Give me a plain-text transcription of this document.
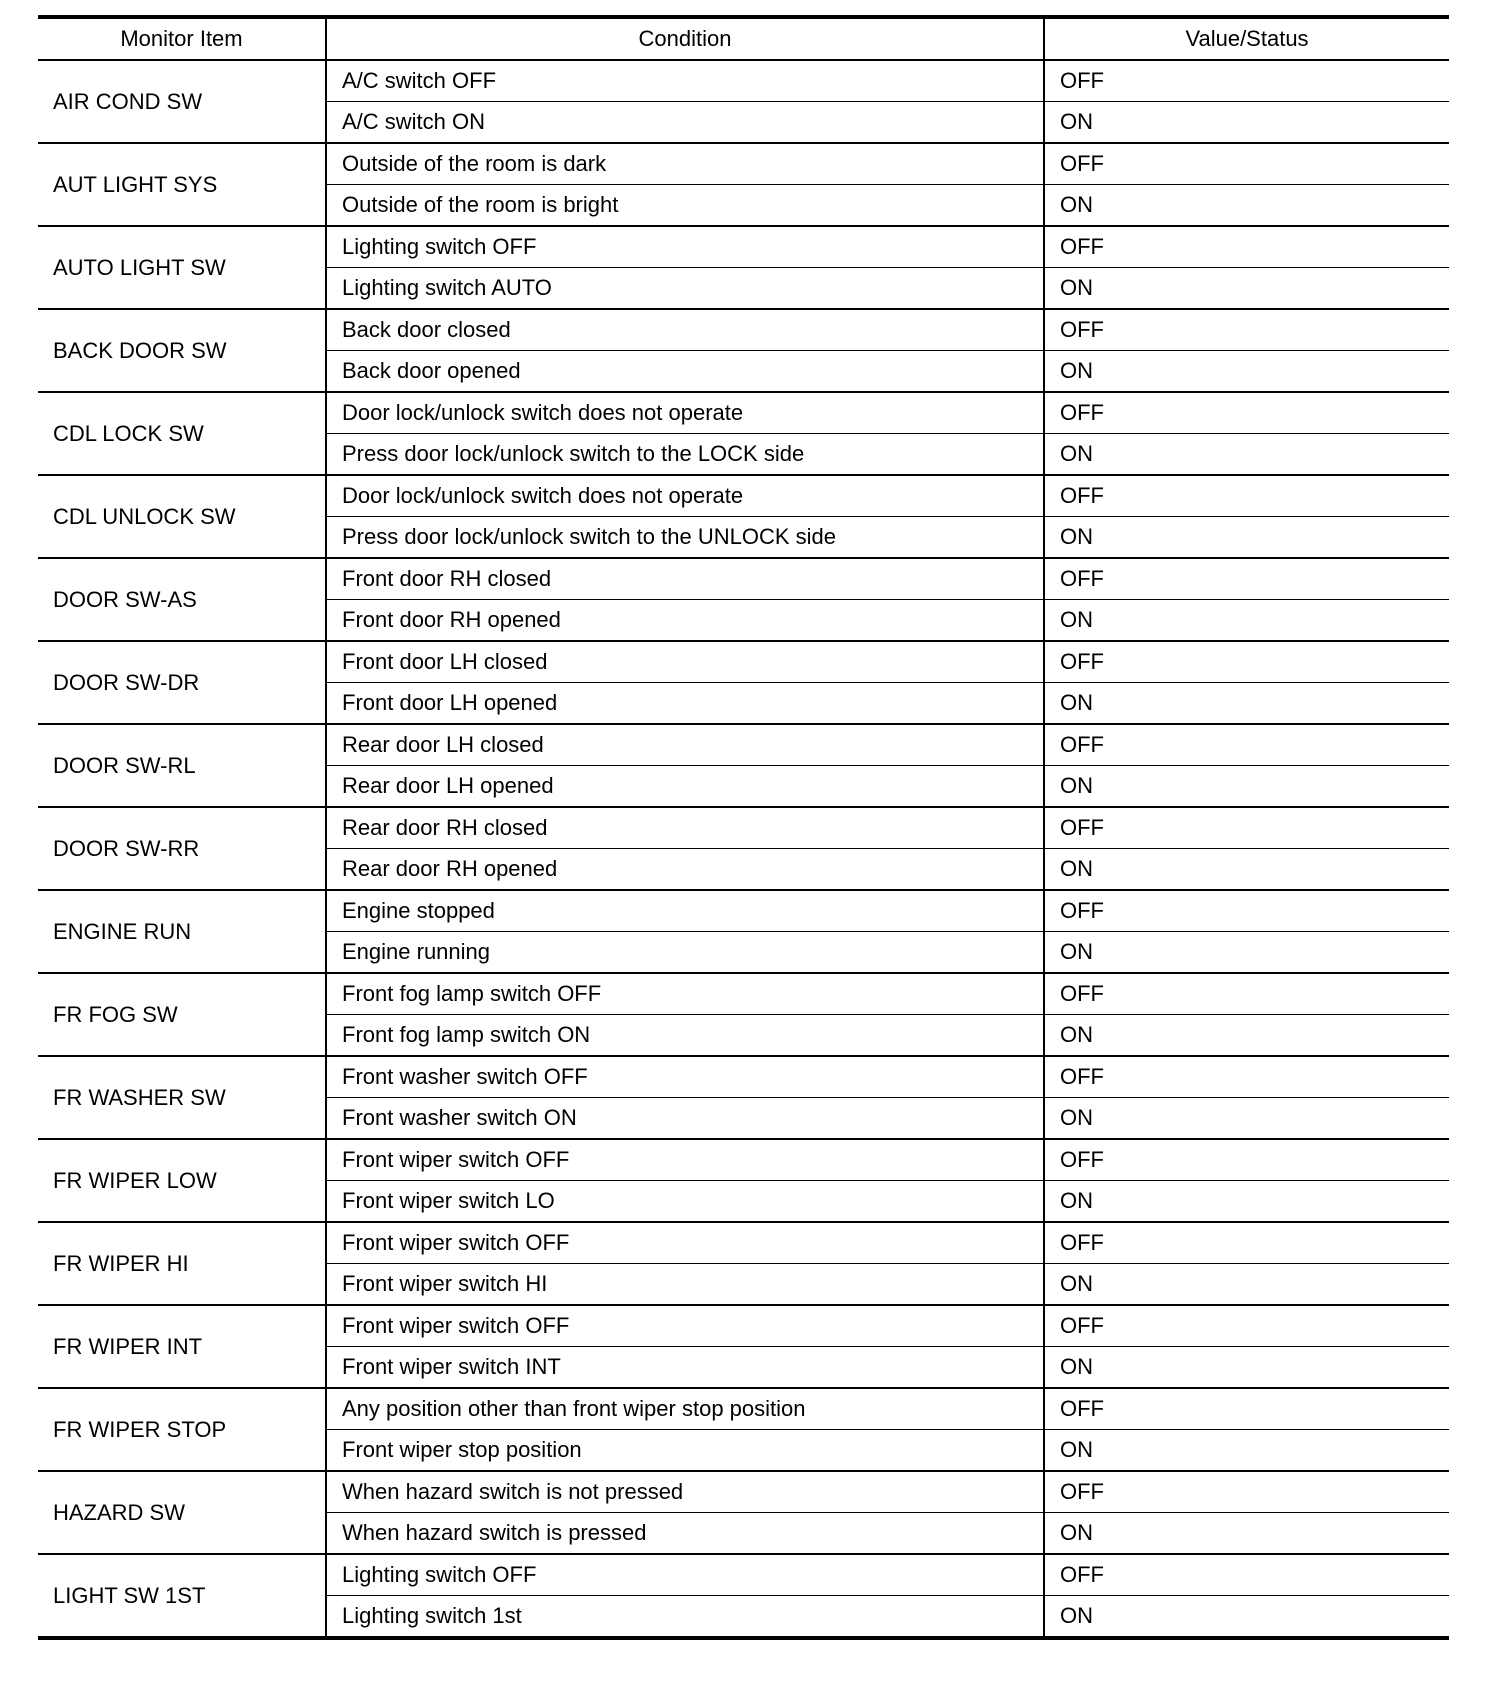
Monitor Item	Condition	Value/Status
AIR COND SW	A/C switch OFF	OFF
	A/C switch ON	ON
AUT LIGHT SYS	Outside of the room is dark	OFF
	Outside of the room is bright	ON
AUTO LIGHT SW	Lighting switch OFF	OFF
	Lighting switch AUTO	ON
BACK DOOR SW	Back door closed	OFF
	Back door opened	ON
CDL LOCK SW	Door lock/unlock switch does not operate	OFF
	Press door lock/unlock switch to the LOCK side	ON
CDL UNLOCK SW	Door lock/unlock switch does not operate	OFF
	Press door lock/unlock switch to the UNLOCK side	ON
DOOR SW-AS	Front door RH closed	OFF
	Front door RH opened	ON
DOOR SW-DR	Front door LH closed	OFF
	Front door LH opened	ON
DOOR SW-RL	Rear door LH closed	OFF
	Rear door LH opened	ON
DOOR SW-RR	Rear door RH closed	OFF
	Rear door RH opened	ON
ENGINE RUN	Engine stopped	OFF
	Engine running	ON
FR FOG SW	Front fog lamp switch OFF	OFF
	Front fog lamp switch ON	ON
FR WASHER SW	Front washer switch OFF	OFF
	Front washer switch ON	ON
FR WIPER LOW	Front wiper switch OFF	OFF
	Front wiper switch LO	ON
FR WIPER HI	Front wiper switch OFF	OFF
	Front wiper switch HI	ON
FR WIPER INT	Front wiper switch OFF	OFF
	Front wiper switch INT	ON
FR WIPER STOP	Any position other than front wiper stop position	OFF
	Front wiper stop position	ON
HAZARD SW	When hazard switch is not pressed	OFF
	When hazard switch is pressed	ON
LIGHT SW 1ST	Lighting switch OFF	OFF
	Lighting switch 1st	ON
